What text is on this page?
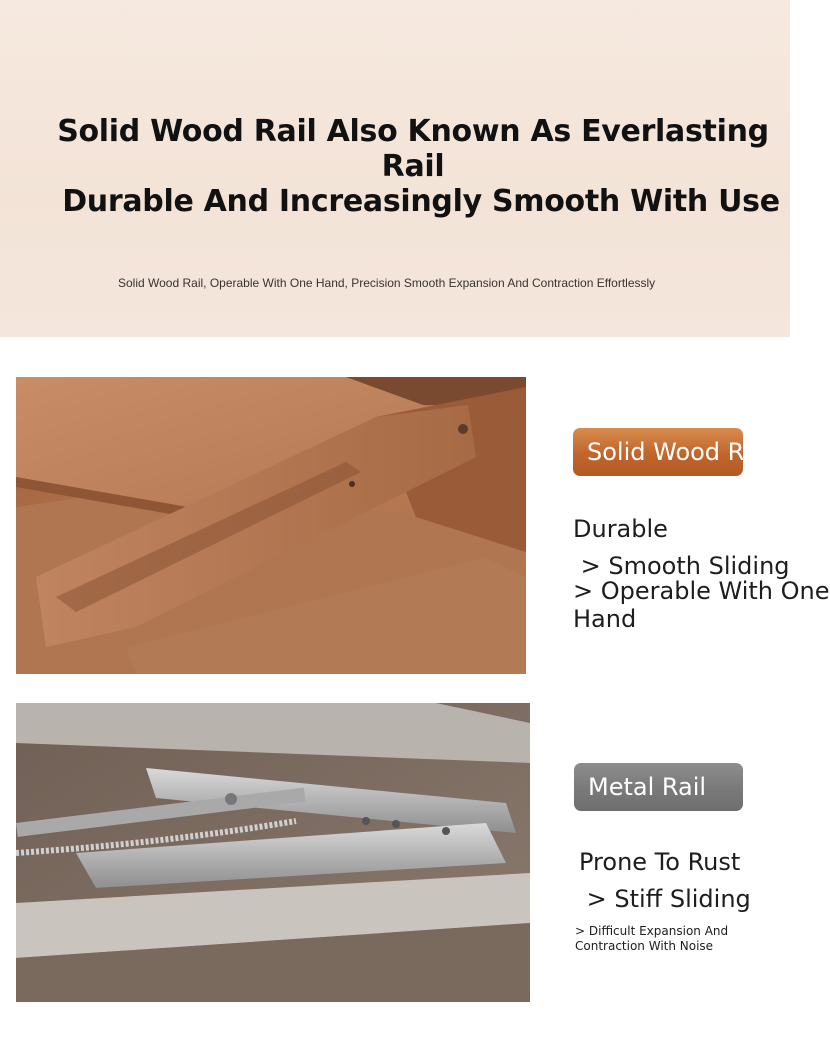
Solid Wood Rail Also Known As Everlasting Rail
Durable And Increasingly Smooth With Use
Solid Wood Rail, Operable With One Hand, Precision Smooth Expansion And Contraction Effortlessly
Solid Wood Rail
Durable
> Smooth Sliding
> Operable With One
Hand
Metal Rail
Prone To Rust
> Stiff Sliding
> Difficult Expansion And
Contraction With Noise
